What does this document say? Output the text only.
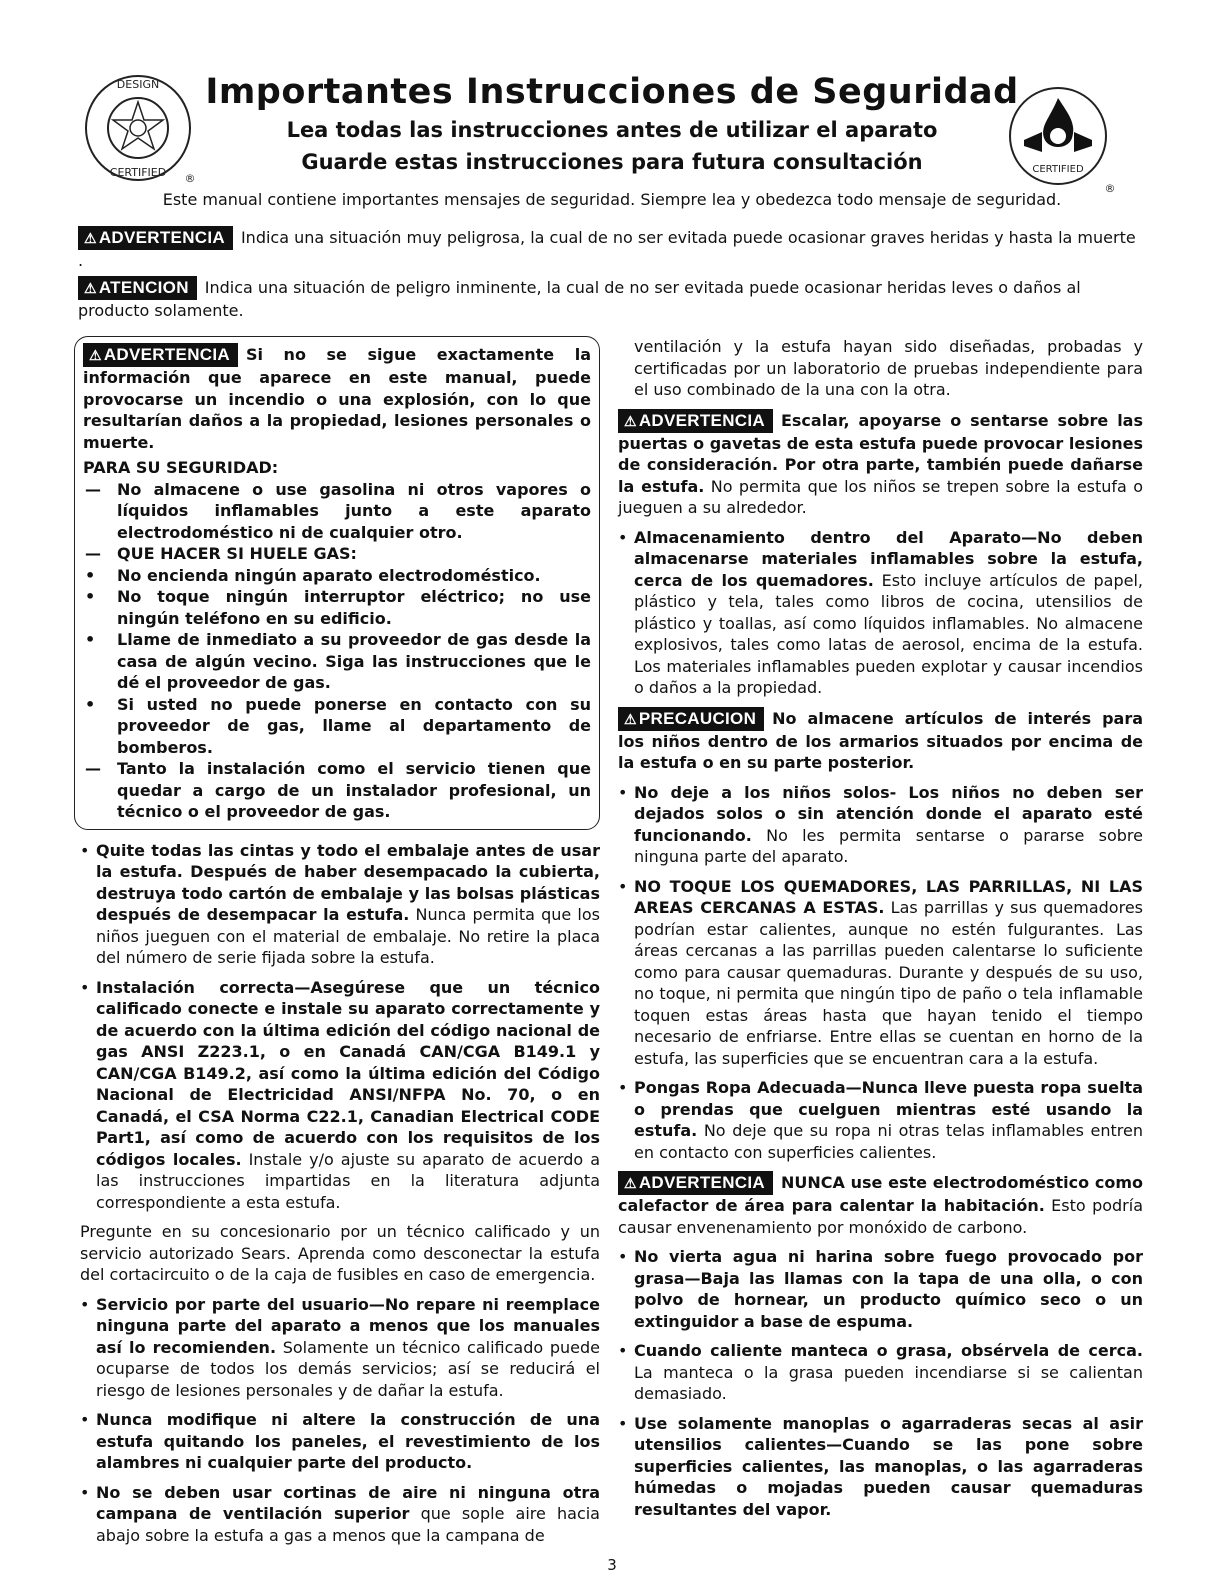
Importantes Instrucciones de Seguridad
Lea todas las instrucciones antes de utilizar el aparato
Guarde estas instrucciones para futura consultación
DESIGN
CERTIFIED ®
CERTIFIED
®
Este manual contiene importantes mensajes de seguridad. Siempre lea y obedezca todo mensaje de seguridad.
⚠ ADVERTENCIA Indica una situación muy peligrosa, la cual de no ser evitada puede ocasionar graves heridas y hasta la muerte .
⚠ ATENCION Indica una situación de peligro inminente, la cual de no ser evitada puede ocasionar heridas leves o daños al producto solamente.
⚠ ADVERTENCIA Si no se sigue exactamente la información que aparece en este manual, puede provocarse un incendio o una explosión, con lo que resultarían daños a la propiedad, lesiones personales o muerte.
PARA SU SEGURIDAD:
— No almacene o use gasolina ni otros vapores o líquidos inflamables junto a este aparato electrodoméstico ni de cualquier otro.
— QUE HACER SI HUELE GAS:
• No encienda ningún aparato electrodoméstico.
• No toque ningún interruptor eléctrico; no use ningún teléfono en su edificio.
• Llame de inmediato a su proveedor de gas desde la casa de algún vecino. Siga las instrucciones que le dé el proveedor de gas.
• Si usted no puede ponerse en contacto con su proveedor de gas, llame al departamento de bomberos.
— Tanto la instalación como el servicio tienen que quedar a cargo de un instalador profesional, un técnico o el proveedor de gas.

• Quite todas las cintas y todo el embalaje antes de usar la estufa. Después de haber desempacado la cubierta, destruya todo cartón de embalaje y las bolsas plásticas después de desempacar la estufa. Nunca permita que los niños jueguen con el material de embalaje. No retire la placa del número de serie fijada sobre la estufa.

• Instalación correcta—Asegúrese que un técnico calificado conecte e instale su aparato correctamente y de acuerdo con la última edición del código nacional de gas ANSI Z223.1, o en Canadá CAN/CGA B149.1 y CAN/CGA B149.2, así como la última edición del Código Nacional de Electricidad ANSI/NFPA No. 70, o en Canadá, el CSA Norma C22.1, Canadian Electrical CODE Part1, así como de acuerdo con los requisitos de los códigos locales. Instale y/o ajuste su aparato de acuerdo a las instrucciones impartidas en la literatura adjunta correspondiente a esta estufa.

Pregunte en su concesionario por un técnico calificado y un servicio autorizado Sears. Aprenda como desconectar la estufa del cortacircuito o de la caja de fusibles en caso de emergencia.

• Servicio por parte del usuario—No repare ni reemplace ninguna parte del aparato a menos que los manuales así lo recomienden. Solamente un técnico calificado puede ocuparse de todos los demás servicios; así se reducirá el riesgo de lesiones personales y de dañar la estufa.

• Nunca modifique ni altere la construcción de una estufa quitando los paneles, el revestimiento de los alambres ni cualquier parte del producto.

• No se deben usar cortinas de aire ni ninguna otra campana de ventilación superior que sople aire hacia abajo sobre la estufa a gas a menos que la campana de

ventilación y la estufa hayan sido diseñadas, probadas y certificadas por un laboratorio de pruebas independiente para el uso combinado de la una con la otra.

⚠ ADVERTENCIA Escalar, apoyarse o sentarse sobre las puertas o gavetas de esta estufa puede provocar lesiones de consideración. Por otra parte, también puede dañarse la estufa. No permita que los niños se trepen sobre la estufa o jueguen a su alrededor.

• Almacenamiento dentro del Aparato—No deben almacenarse materiales inflamables sobre la estufa, cerca de los quemadores. Esto incluye artículos de papel, plástico y tela, tales como libros de cocina, utensilios de plástico y toallas, así como líquidos inflamables. No almacene explosivos, tales como latas de aerosol, encima de la estufa. Los materiales inflamables pueden explotar y causar incendios o daños a la propiedad.

⚠ PRECAUCION No almacene artículos de interés para los niños dentro de los armarios situados por encima de la estufa o en su parte posterior.

• No deje a los niños solos- Los niños no deben ser dejados solos o sin atención donde el aparato esté funcionando. No les permita sentarse o pararse sobre ninguna parte del aparato.

• NO TOQUE LOS QUEMADORES, LAS PARRILLAS, NI LAS AREAS CERCANAS A ESTAS. Las parrillas y sus quemadores podrían estar calientes, aunque no estén fulgurantes. Las áreas cercanas a las parrillas pueden calentarse lo suficiente como para causar quemaduras. Durante y después de su uso, no toque, ni permita que ningún tipo de paño o tela inflamable toquen estas áreas hasta que hayan tenido el tiempo necesario de enfriarse. Entre ellas se cuentan en horno de la estufa, las superficies que se encuentran cara a la estufa.

• Pongas Ropa Adecuada—Nunca lleve puesta ropa suelta o prendas que cuelguen mientras esté usando la estufa. No deje que su ropa ni otras telas inflamables entren en contacto con superficies calientes.

⚠ ADVERTENCIA NUNCA use este electrodoméstico como calefactor de área para calentar la habitación. Esto podría causar envenenamiento por monóxido de carbono.

• No vierta agua ni harina sobre fuego provocado por grasa—Baja las llamas con la tapa de una olla, o con polvo de hornear, un producto químico seco o un extinguidor a base de espuma.

• Cuando caliente manteca o grasa, obsérvela de cerca. La manteca o la grasa pueden incendiarse si se calientan demasiado.

• Use solamente manoplas o agarraderas secas al asir utensilios calientes—Cuando se las pone sobre superficies calientes, las manoplas, o las agarraderas húmedas o mojadas pueden causar quemaduras resultantes del vapor.

3
